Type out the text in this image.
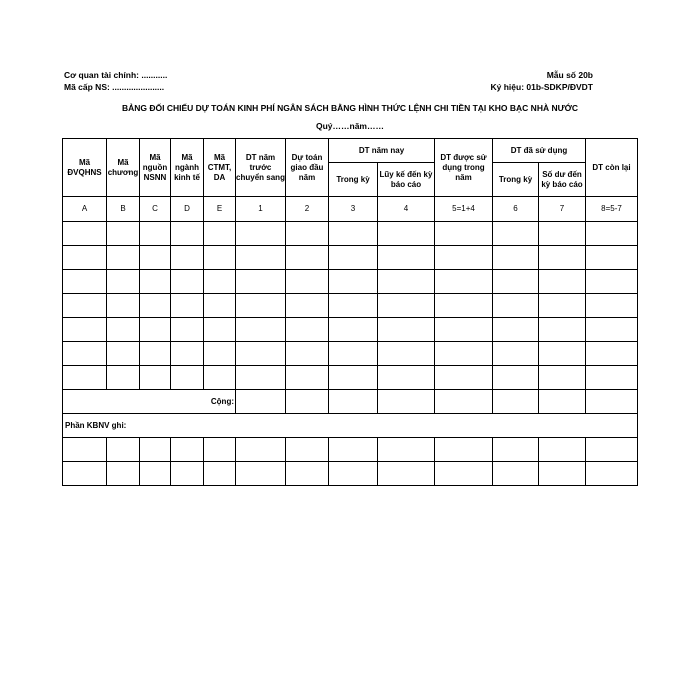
Cơ quan tài chính: ...........
Mã cấp NS: ......................
Mẫu số 20b
Ký hiệu: 01b-SDKP/ĐVDT
BẢNG ĐỐI CHIẾU DỰ TOÁN KINH PHÍ NGÂN SÁCH BẰNG HÌNH THỨC LỆNH CHI TIỀN TẠI KHO BẠC NHÀ NƯỚC
Quý……năm……
Mã ĐVQHNS	Mã chương	Mã nguồn NSNN	Mã ngành kinh tế	Mã CTMT, DA	DT năm trước chuyển sang	Dự toán giao đầu năm	DT năm nay		DT được sử dụng trong năm	DT đã sử dụng		DT còn lại
							Trong kỳ	Lũy kế đến kỳ báo cáo		Trong kỳ	Số dư đến kỳ báo cáo	
A	B	C	D	E	1	2	3	4	5=1+4	6	7	8=5-7

Cộng:												
Phần KBNV ghi:												
